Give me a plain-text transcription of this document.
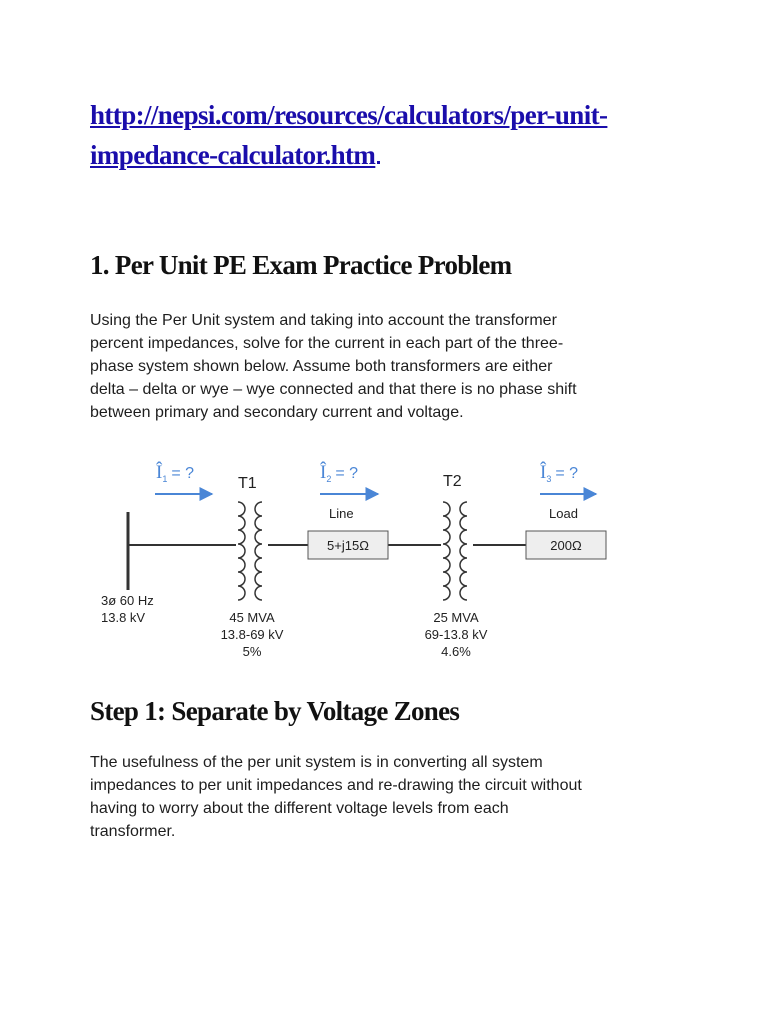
http://nepsi.com/resources/calculators/per-unit-
impedance-calculator.htm
1. Per Unit PE Exam Practice Problem

Using the Per Unit system and taking into account the transformer
percent impedances, solve for the current in each part of the three-
phase system shown below. Assume both transformers are either
delta – delta or wye – wye connected and that there is no phase shift
between primary and secondary current and voltage.

$Î_1$ = ?	$Î_2$ = ?	$Î_3$ = ?
T1	T2
Line
5+j15Ω
Load
200Ω
3ø 60 Hz
13.8 kV	45 MVA
13.8-69 kV
5%
25 MVA
69-13.8 kV
4.6%
Step 1: Separate by Voltage Zones

The usefulness of the per unit system is in converting all system
impedances to per unit impedances and re-drawing the circuit without
having to worry about the different voltage levels from each
transformer.
